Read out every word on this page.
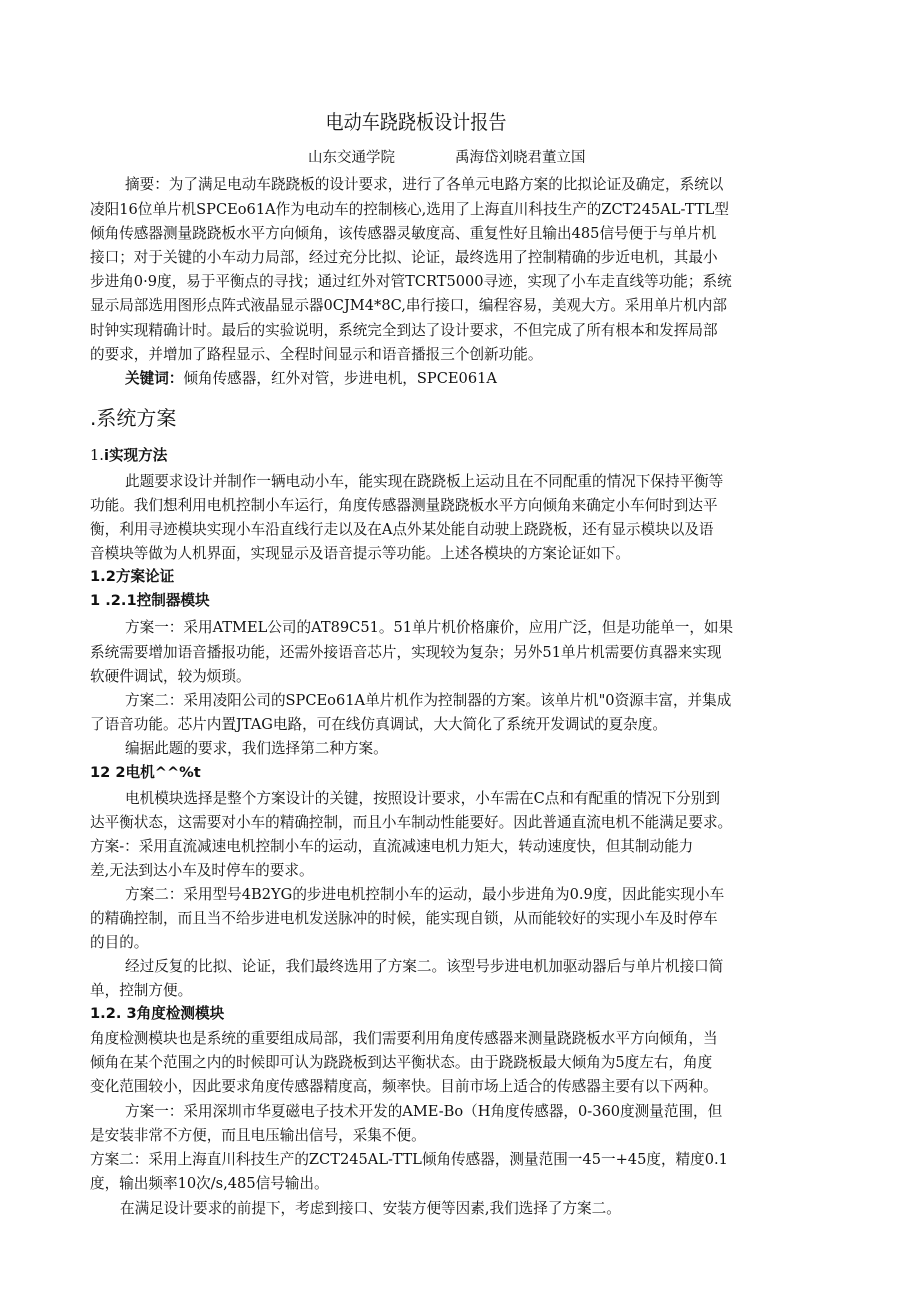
电动车跷跷板设计报告
山东交通学院	禹海岱刘晓君董立国
摘要：为了满足电动车跷跷板的设计要求，进行了各单元电路方案的比拟论证及确定，系统以
凌阳16位单片机SPCEo61A作为电动车的控制核心,选用了上海直川科技生产的ZCT245AL-TTL型
倾角传感器测量跷跷板水平方向倾角，该传感器灵敏度高、重复性好且输出485信号便于与单片机
接口；对于关键的小车动力局部，经过充分比拟、论证，最终选用了控制精确的步近电机，其最小
步进角0·9度，易于平衡点的寻找；通过红外对管TCRT5000寻迹，实现了小车走直线等功能；系统
显示局部选用图形点阵式液晶显示器0CJM4*8C,串行接口，编程容易，美观大方。采用单片机内部
时钟实现精确计时。最后的实验说明，系统完全到达了设计要求，不但完成了所有根本和发挥局部
的要求，并增加了路程显示、全程时间显示和语音播报三个创新功能。
关键词：倾角传感器，红外对管，步进电机，SPCE061A
.系统方案
1.i实现方法
此题要求设计并制作一辆电动小车，能实现在跷跷板上运动且在不同配重的情况下保持平衡等
功能。我们想利用电机控制小车运行，角度传感器测量跷跷板水平方向倾角来确定小车何时到达平
衡，利用寻迹模块实现小车沿直线行走以及在A点外某处能自动驶上跷跷板，还有显示模块以及语
音模块等做为人机界面，实现显示及语音提示等功能。上述各模块的方案论证如下。
1.2方案论证
1 .2.1控制器模块
方案一：采用ATMEL公司的AT89C51。51单片机价格廉价，应用广泛，但是功能单一，如果
系统需要增加语音播报功能，还需外接语音芯片，实现较为复杂；另外51单片机需要仿真器来实现
软硬件调试，较为烦琐。
方案二：采用凌阳公司的SPCEo61A单片机作为控制器的方案。该单片机"0资源丰富，并集成
了语音功能。芯片内置JTAG电路，可在线仿真调试，大大简化了系统开发调试的夏杂度。
编据此题的要求，我们选择第二种方案。
12 2电机^^%t
电机模块选择是整个方案设计的关键，按照设计要求，小车需在C点和有配重的情况下分别到
达平衡状态，这需要对小车的精确控制，而且小车制动性能要好。因此普通直流电机不能满足要求。
方案-：采用直流减速电机控制小车的运动，直流减速电机力矩大，转动速度快，但其制动能力
差,无法到达小车及时停车的要求。
方案二：采用型号4B2YG的步进电机控制小车的运动，最小步进角为0.9度，因此能实现小车
的精确控制，而且当不给步进电机发送脉冲的时候，能实现自锁，从而能较好的实现小车及时停车
的目的。
经过反复的比拟、论证，我们最终选用了方案二。该型号步进电机加驱动器后与单片机接口简
单，控制方便。
1.2. 3角度检测模块
角度检测模块也是系统的重要组成局部，我们需要利用角度传感器来测量跷跷板水平方向倾角，当
倾角在某个范围之内的时候即可认为跷跷板到达平衡状态。由于跷跷板最大倾角为5度左右，角度
变化范围较小，因此要求角度传感器精度高，频率快。目前市场上适合的传感器主要有以下两种。
方案一：采用深圳市华夏磁电子技术开发的AME-Bo（H角度传感器，0-360度测量范围，但
是安装非常不方便，而且电压输出信号，采集不便。
方案二：采用上海直川科技生产的ZCT245AL-TTL倾角传感器，测量范围一45一+45度，精度0.1
度，输出频率10次/s,485信号输出。
在满足设计要求的前提下，考虑到接口、安装方便等因素,我们选择了方案二。
